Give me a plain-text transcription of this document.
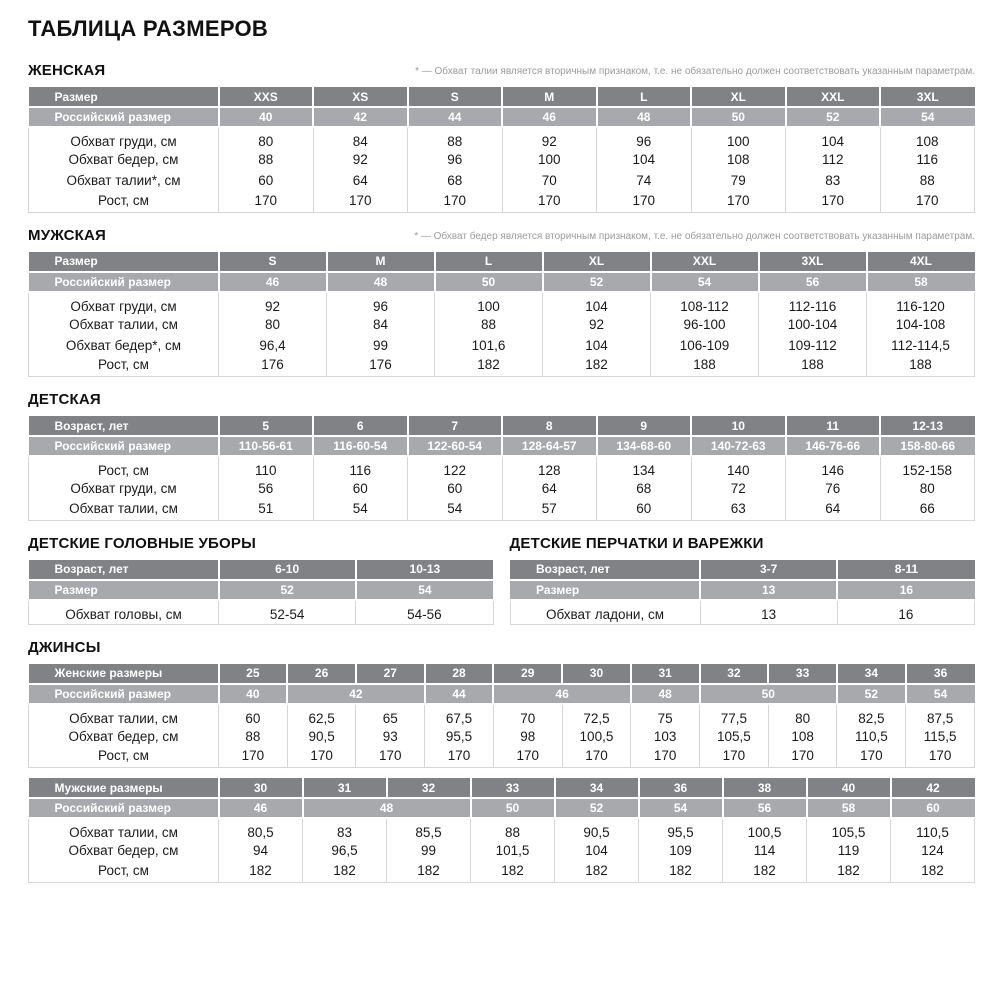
ТАБЛИЦА РАЗМЕРОВ
ЖЕНСКАЯ	* — Обхват талии является вторичным признаком, т.е. не обязательно должен соответствовать указанным параметрам.
Размер	XXS	XS	S	M	L	XL	XXL	3XL
Российский размер	40	42	44	46	48	50	52	54
Обхват груди, см	80	84	88	92	96	100	104	108
Обхват бедер, см	88	92	96	100	104	108	112	116
Обхват талии*, см	60	64	68	70	74	79	83	88
Рост, см	170	170	170	170	170	170	170	170
МУЖСКАЯ	* — Обхват бедер является вторичным признаком, т.е. не обязательно должен соответствовать указанным параметрам.
Размер	S	M	L	XL	XXL	3XL	4XL
Российский размер	46	48	50	52	54	56	58
Обхват груди, см	92	96	100	104	108-112	112-116	116-120
Обхват талии, см	80	84	88	92	96-100	100-104	104-108
Обхват бедер*, см	96,4	99	101,6	104	106-109	109-112	112-114,5
Рост, см	176	176	182	182	188	188	188
ДЕТСКАЯ
Возраст, лет	5	6	7	8	9	10	11	12-13
Российский размер	110-56-61	116-60-54	122-60-54	128-64-57	134-68-60	140-72-63	146-76-66	158-80-66
Рост, см	110	116	122	128	134	140	146	152-158
Обхват груди, см	56	60	60	64	68	72	76	80
Обхват талии, см	51	54	54	57	60	63	64	66
ДЕТСКИЕ ГОЛОВНЫЕ УБОРЫ
Возраст, лет	6-10	10-13
Размер	52	54
Обхват головы, см	52-54	54-56
ДЕТСКИЕ ПЕРЧАТКИ И ВАРЕЖКИ
Возраст, лет	3-7	8-11
Размер	13	16
Обхват ладони, см	13	16
ДЖИНСЫ
Женские размеры	25	26	27	28	29	30	31	32	33	34	36
Российский размер	40	42		44	46		48	50		52	54
Обхват талии, см	60	62,5	65	67,5	70	72,5	75	77,5	80	82,5	87,5
Обхват бедер, см	88	90,5	93	95,5	98	100,5	103	105,5	108	110,5	115,5
Рост, см	170	170	170	170	170	170	170	170	170	170	170
Мужские размеры	30	31	32	33	34	36	38	40	42
Российский размер	46	48		50	52	54	56	58	60
Обхват талии, см	80,5	83	85,5	88	90,5	95,5	100,5	105,5	110,5
Обхват бедер, см	94	96,5	99	101,5	104	109	114	119	124
Рост, см	182	182	182	182	182	182	182	182	182
